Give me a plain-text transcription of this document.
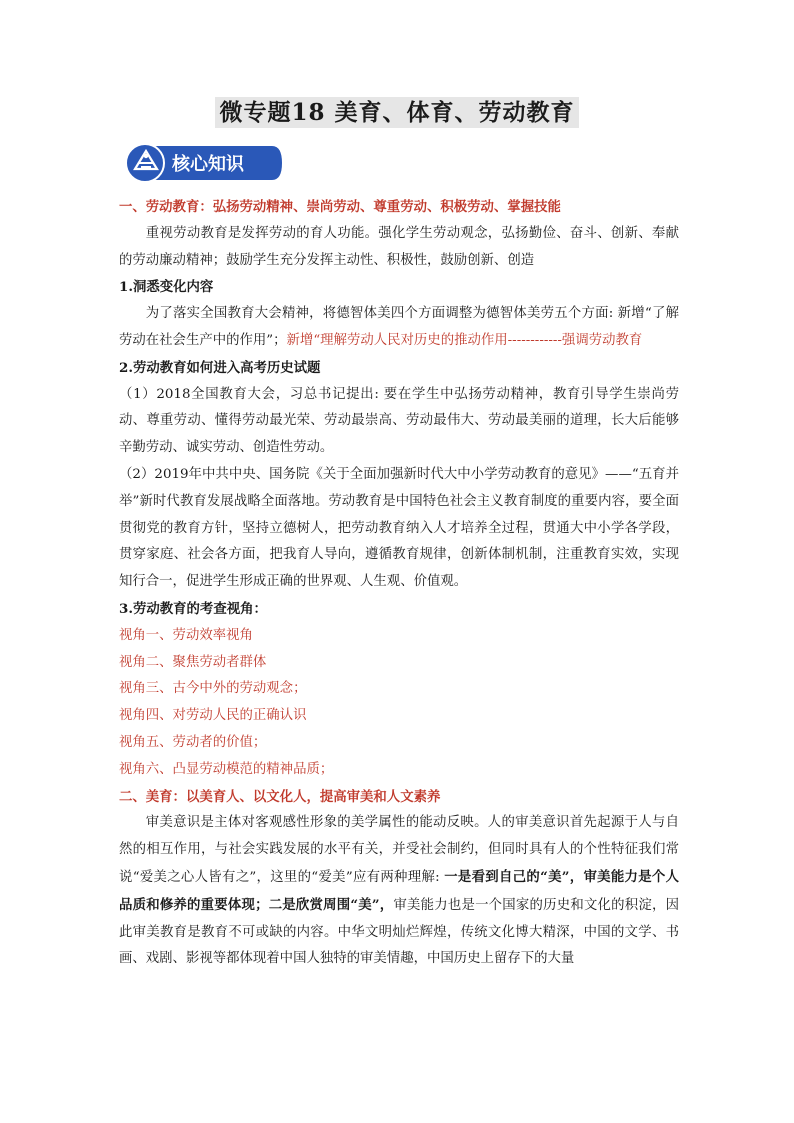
微专题18 美育、体育、劳动教育
核心知识
一、劳动教育：弘扬劳动精神、崇尚劳动、尊重劳动、积极劳动、掌握技能
重视劳动教育是发挥劳动的育人功能。强化学生劳动观念，弘扬勤俭、奋斗、创新、奉献的劳动廉动精神；鼓励学生充分发挥主动性、积极性，鼓励创新、创造
1.洞悉变化内容
为了落实全国教育大会精神，将德智体美四个方面调整为德智体美劳五个方面: 新增“了解劳动在社会生产中的作用”；新增“理解劳动人民对历史的推动作用------------强调劳动教育
2.劳动教育如何进入高考历史试题
（1）2018全国教育大会，习总书记提出: 要在学生中弘扬劳动精神，教育引导学生崇尚劳动、尊重劳动、懂得劳动最光荣、劳动最崇高、劳动最伟大、劳动最美丽的道理，长大后能够辛勤劳动、诚实劳动、创造性劳动。
（2）2019年中共中央、国务院《关于全面加强新时代大中小学劳动教育的意见》——“五育并举”新时代教育发展战略全面落地。劳动教育是中国特色社会主义教育制度的重要内容，要全面贯彻党的教育方针，坚持立德树人，把劳动教育纳入人才培养全过程，贯通大中小学各学段，贯穿家庭、社会各方面，把我育人导向，遵循教育规律，创新体制机制，注重教育实效，实现知行合一，促进学生形成正确的世界观、人生观、价值观。
3.劳动教育的考查视角：
视角一、劳动效率视角
视角二、聚焦劳动者群体
视角三、古今中外的劳动观念；
视角四、对劳动人民的正确认识
视角五、劳动者的价值；
视角六、凸显劳动模范的精神品质；
二、美育：以美育人、以文化人，提高审美和人文素养
审美意识是主体对客观感性形象的美学属性的能动反映。人的审美意识首先起源于人与自然的相互作用，与社会实践发展的水平有关，并受社会制约，但同时具有人的个性特征我们常说“爱美之心人皆有之”，这里的“爱美”应有两种理解: 一是看到自己的“美”，审美能力是个人品质和修养的重要体现；二是欣赏周围“美”，审美能力也是一个国家的历史和文化的积淀，因此审美教育是教育不可或缺的内容。中华文明灿烂辉煌，传统文化博大精深，中国的文学、书画、戏剧、影视等都体现着中国人独特的审美情趣，中国历史上留存下的大量
